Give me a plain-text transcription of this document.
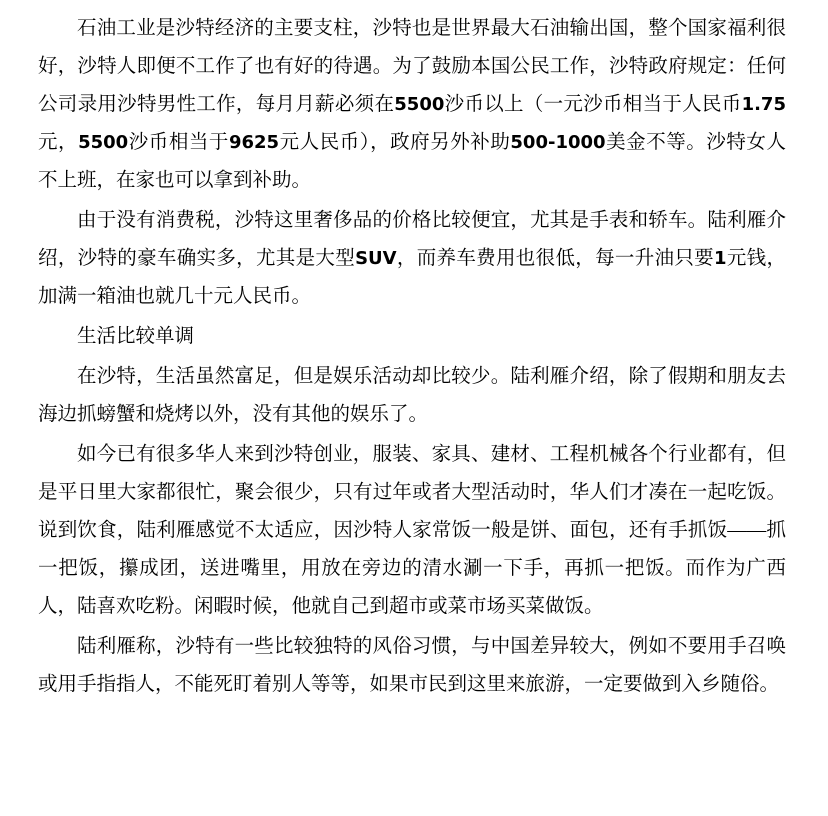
石油工业是沙特经济的主要支柱，沙特也是世界最大石油输出国，整个国家福利很好，沙特人即便不工作了也有好的待遇。为了鼓励本国公民工作，沙特政府规定：任何公司录用沙特男性工作，每月月薪必须在5500沙币以上（一元沙币相当于人民币1.75元，5500沙币相当于9625元人民币），政府另外补助500-1000美金不等。沙特女人不上班，在家也可以拿到补助。

由于没有消费税，沙特这里奢侈品的价格比较便宜，尤其是手表和轿车。陆利雁介绍，沙特的豪车确实多，尤其是大型SUV，而养车费用也很低，每一升油只要1元钱，加满一箱油也就几十元人民币。

生活比较单调

在沙特，生活虽然富足，但是娱乐活动却比较少。陆利雁介绍，除了假期和朋友去海边抓螃蟹和烧烤以外，没有其他的娱乐了。

如今已有很多华人来到沙特创业，服装、家具、建材、工程机械各个行业都有，但是平日里大家都很忙，聚会很少，只有过年或者大型活动时，华人们才凑在一起吃饭。说到饮食，陆利雁感觉不太适应，因沙特人家常饭一般是饼、面包，还有手抓饭——抓一把饭，攥成团，送进嘴里，用放在旁边的清水涮一下手，再抓一把饭。而作为广西人，陆喜欢吃粉。闲暇时候，他就自己到超市或菜市场买菜做饭。

陆利雁称，沙特有一些比较独特的风俗习惯，与中国差异较大，例如不要用手召唤或用手指指人，不能死盯着别人等等，如果市民到这里来旅游，一定要做到入乡随俗。
